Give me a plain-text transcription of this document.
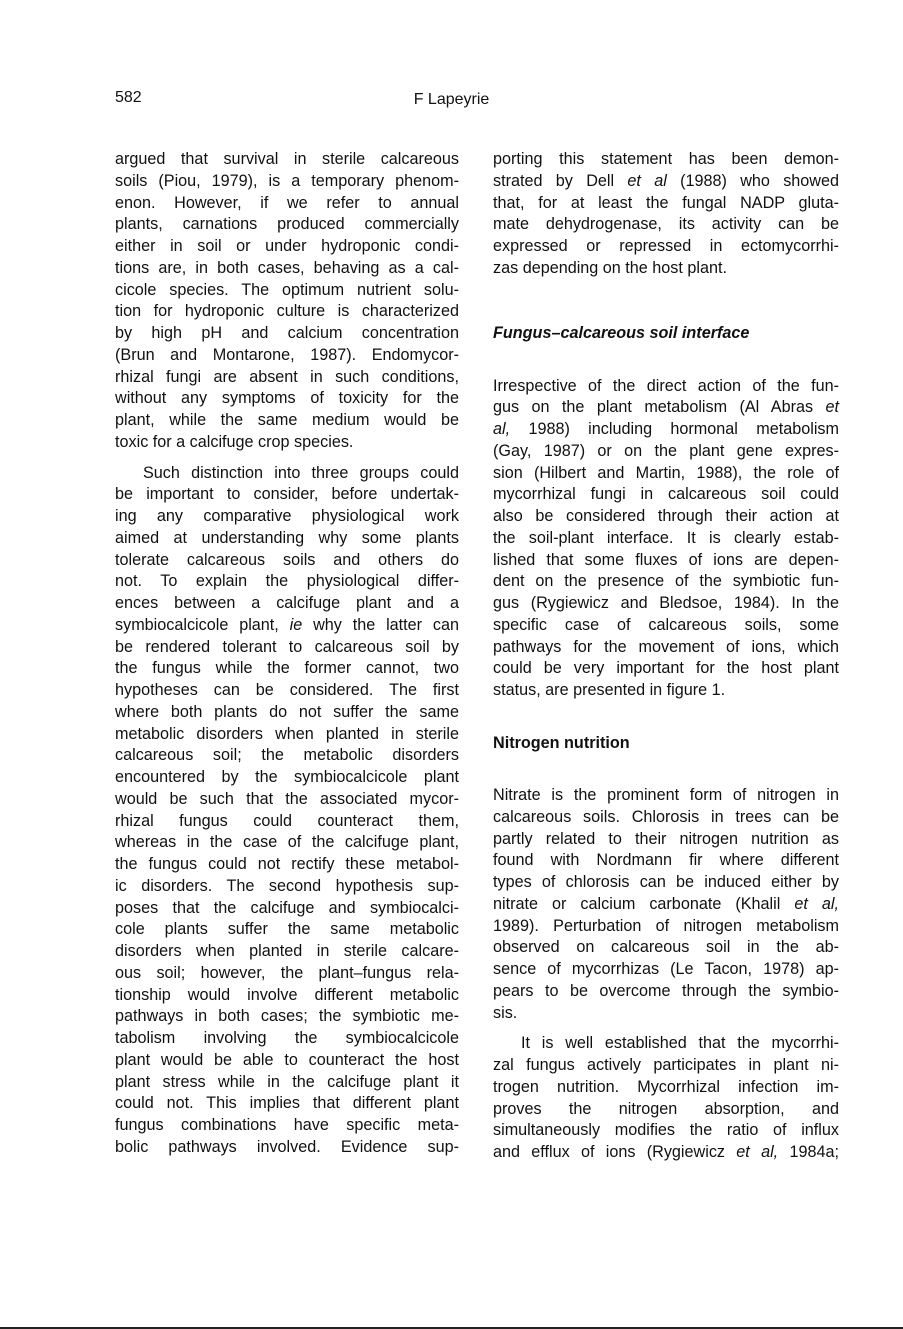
582	F Lapeyrie
argued that survival in sterile calcareous
soils (Piou, 1979), is a temporary phenom-
enon. However, if we refer to annual
plants, carnations produced commercially
either in soil or under hydroponic condi-
tions are, in both cases, behaving as a cal-
cicole species. The optimum nutrient solu-
tion for hydroponic culture is characterized
by high pH and calcium concentration
(Brun and Montarone, 1987). Endomycor-
rhizal fungi are absent in such conditions,
without any symptoms of toxicity for the
plant, while the same medium would be
toxic for a calcifuge crop species.
Such distinction into three groups could
be important to consider, before undertak-
ing any comparative physiological work
aimed at understanding why some plants
tolerate calcareous soils and others do
not. To explain the physiological differ-
ences between a calcifuge plant and a
symbiocalcicole plant, ie why the latter can
be rendered tolerant to calcareous soil by
the fungus while the former cannot, two
hypotheses can be considered. The first
where both plants do not suffer the same
metabolic disorders when planted in sterile
calcareous soil; the metabolic disorders
encountered by the symbiocalcicole plant
would be such that the associated mycor-
rhizal fungus could counteract them,
whereas in the case of the calcifuge plant,
the fungus could not rectify these metabol-
ic disorders. The second hypothesis sup-
poses that the calcifuge and symbiocalci-
cole plants suffer the same metabolic
disorders when planted in sterile calcare-
ous soil; however, the plant–fungus rela-
tionship would involve different metabolic
pathways in both cases; the symbiotic me-
tabolism involving the symbiocalcicole
plant would be able to counteract the host
plant stress while in the calcifuge plant it
could not. This implies that different plant
fungus combinations have specific meta-
bolic pathways involved. Evidence sup-
porting this statement has been demon-
strated by Dell et al (1988) who showed
that, for at least the fungal NADP gluta-
mate dehydrogenase, its activity can be
expressed or repressed in ectomycorrhi-
zas depending on the host plant.
Fungus–calcareous soil interface
Irrespective of the direct action of the fun-
gus on the plant metabolism (Al Abras et
al, 1988) including hormonal metabolism
(Gay, 1987) or on the plant gene expres-
sion (Hilbert and Martin, 1988), the role of
mycorrhizal fungi in calcareous soil could
also be considered through their action at
the soil-plant interface. It is clearly estab-
lished that some fluxes of ions are depen-
dent on the presence of the symbiotic fun-
gus (Rygiewicz and Bledsoe, 1984). In the
specific case of calcareous soils, some
pathways for the movement of ions, which
could be very important for the host plant
status, are presented in figure 1.
Nitrogen nutrition
Nitrate is the prominent form of nitrogen in
calcareous soils. Chlorosis in trees can be
partly related to their nitrogen nutrition as
found with Nordmann fir where different
types of chlorosis can be induced either by
nitrate or calcium carbonate (Khalil et al,
1989). Perturbation of nitrogen metabolism
observed on calcareous soil in the ab-
sence of mycorrhizas (Le Tacon, 1978) ap-
pears to be overcome through the symbio-
sis.
It is well established that the mycorrhi-
zal fungus actively participates in plant ni-
trogen nutrition. Mycorrhizal infection im-
proves the nitrogen absorption, and
simultaneously modifies the ratio of influx
and efflux of ions (Rygiewicz et al, 1984a;
